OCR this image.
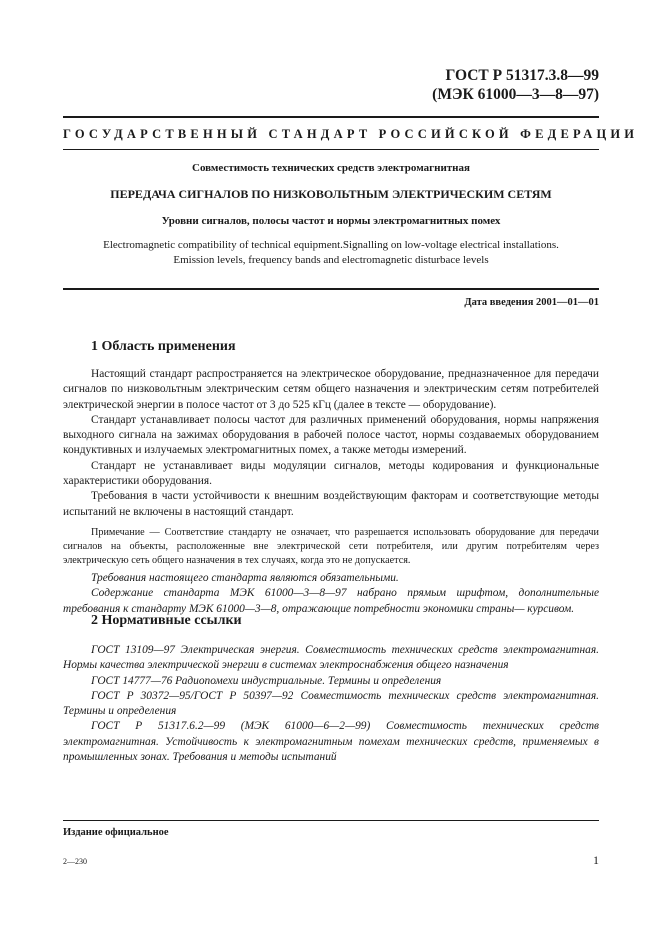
ГОСТ Р 51317.3.8—99
(МЭК 61000—3—8—97)
ГОСУДАРСТВЕННЫЙ СТАНДАРТ РОССИЙСКОЙ ФЕДЕРАЦИИ
Совместимость технических средств электромагнитная
ПЕРЕДАЧА СИГНАЛОВ ПО НИЗКОВОЛЬТНЫМ ЭЛЕКТРИЧЕСКИМ СЕТЯМ
Уровни сигналов, полосы частот и нормы электромагнитных помех
Electromagnetic compatibility of technical equipment.Signalling on low-voltage electrical installations.
Emission levels, frequency bands and electromagnetic disturbace levels
Дата введения 2001—01—01
1 Область применения

Настоящий стандарт распространяется на электрическое оборудование, предназначенное для передачи сигналов по низковольтным электрическим сетям общего назначения и электрическим сетям потребителей электрической энергии в полосе частот от 3 до 525 кГц (далее в тексте — оборудование).

Стандарт устанавливает полосы частот для различных применений оборудования, нормы напряжения выходного сигнала на зажимах оборудования в рабочей полосе частот, нормы создаваемых оборудованием кондуктивных и излучаемых электромагнитных помех, а также методы измерений.

Стандарт не устанавливает виды модуляции сигналов, методы кодирования и функциональные характеристики оборудования.

Требования в части устойчивости к внешним воздействующим факторам и соответствующие методы испытаний не включены в настоящий стандарт.

Примечание — Соответствие стандарту не означает, что разрешается использовать оборудование для передачи сигналов на объекты, расположенные вне электрической сети потребителя, или другим потребителям через электрическую сеть общего назначения в тех случаях, когда это не допускается.

Требования настоящего стандарта являются обязательными.

Содержание стандарта МЭК 61000—3—8—97 набрано прямым шрифтом, дополнительные требования к стандарту МЭК 61000—3—8, отражающие потребности экономики страны— курсивом.

2 Нормативные ссылки

ГОСТ 13109—97 Электрическая энергия. Совместимость технических средств электромагнитная. Нормы качества электрической энергии в системах электроснабжения общего назначения

ГОСТ 14777—76 Радиопомехи индустриальные. Термины и определения

ГОСТ Р 30372—95/ГОСТ Р 50397—92 Совместимость технических средств электромагнитная. Термины и определения

ГОСТ Р 51317.6.2—99 (МЭК 61000—6—2—99) Совместимость технических средств электромагнитная. Устойчивость к электромагнитным помехам технических средств, применяемых в промышленных зонах. Требования и методы испытаний

Издание официальное
2—230	1
